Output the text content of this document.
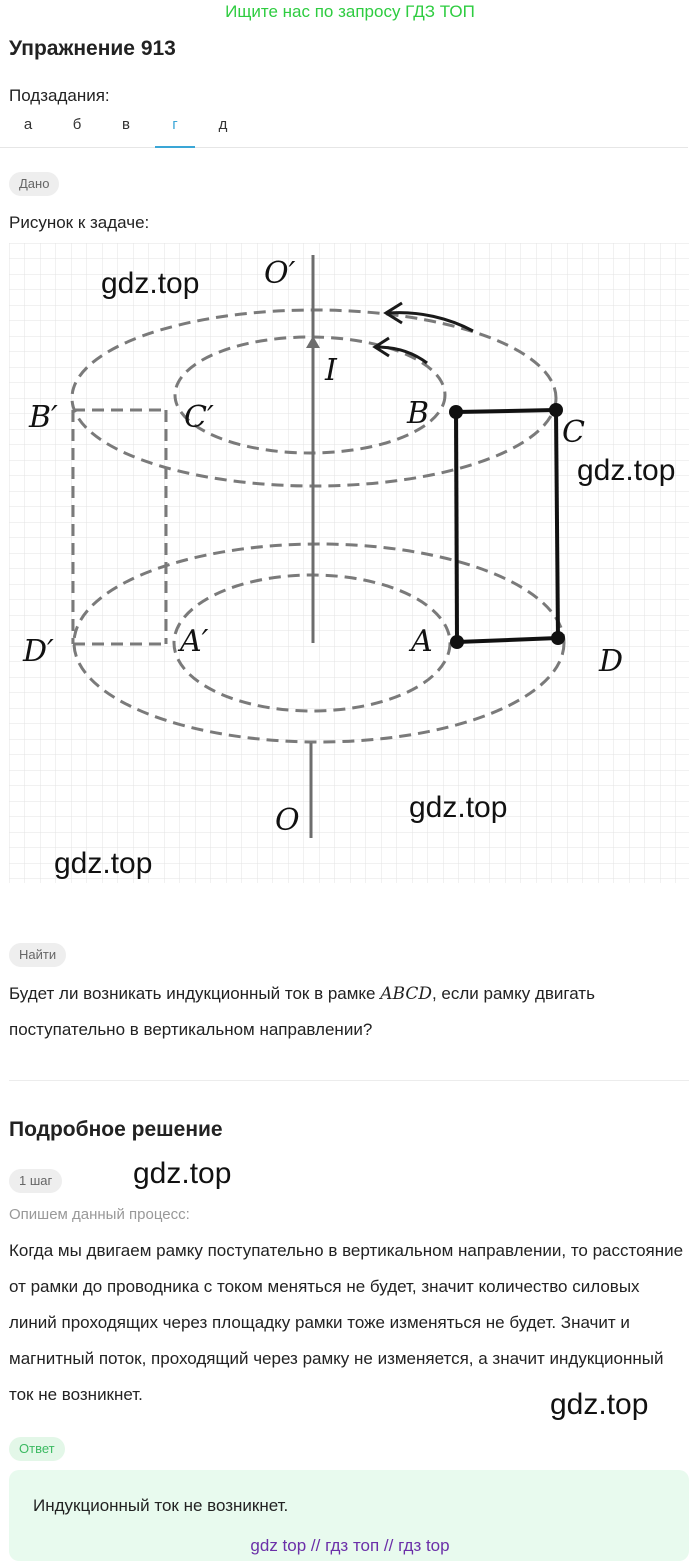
Ищите нас по запросу ГДЗ ТОП
Упражнение 913
Подзадания:
а	б	в	г	д
Дано
Рисунок к задаче:
O′
I
B′	C′	B
C
D′	A′	A
D
O
gdz.top
gdz.top
gdz.top
gdz.top
Найти
Будет ли возникать индукционный ток в рамке ABCD, если рамку двигать поступательно в вертикальном направлении?
Подробное решение
1 шаг	gdz.top
Опишем данный процесс:
Когда мы двигаем рамку поступательно в вертикальном направлении, то расстояние от рамки до проводника с током меняться не будет, значит количество силовых линий проходящих через площадку рамки тоже изменяться не будет. Значит и магнитный поток, проходящий через рамку не изменяется, а значит индукционный ток не возникнет.	gdz.top
Ответ
Индукционный ток не возникнет.
gdz top // гдз топ // гдз top
